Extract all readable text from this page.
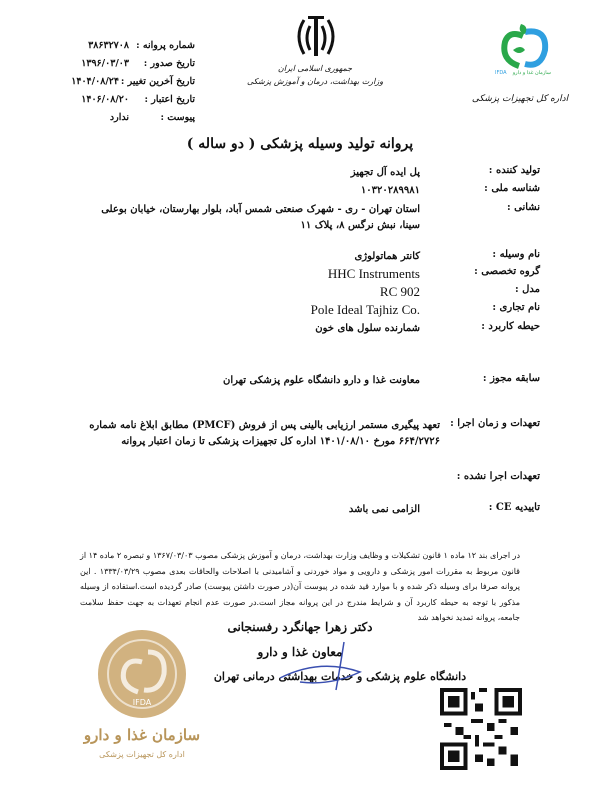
جمهوری اسلامی ایران
وزارت بهداشت، درمان و آموزش پزشکی
IFDA سازمان غذا و دارو
اداره کل تجهیزات پزشکی
شماره پروانه :
۳۸۶۳۲۷۰۸
تاریخ صدور :
۱۳۹۶/۰۳/۰۳
تاریخ آخرین تغییر :
۱۴۰۴/۰۸/۲۴
تاریخ اعتبار :
۱۴۰۶/۰۸/۲۰
پیوست :
ندارد
پروانه تولید وسیله پزشکی ( دو ساله )
تولید کننده :
پل ایده آل تجهیز
شناسه ملی :
۱۰۳۲۰۲۸۹۹۸۱
نشانی :
استان تهران - ری - شهرک صنعتی شمس آباد، بلوار بهارستان، خیابان بوعلی سینا، نبش نرگس ۸، پلاک ۱۱
نام وسیله :
کانتر هماتولوژی
گروه تخصصی :
HHC Instruments
مدل :
RC 902
نام تجاری :
Pole Ideal Tajhiz Co.
حیطه کاربرد :
شمارنده سلول های خون
سابقه مجوز :
معاونت غذا و دارو دانشگاه علوم پزشکی تهران
تعهدات و زمان اجرا :
تعهد پیگیری مستمر ارزیابی بالینی پس از فروش (PMCF) مطابق ابلاغ نامه شماره ۶۶۴/۲۷۲۶ مورخ ۱۴۰۱/۰۸/۱۰ اداره کل تجهیزات پزشکی تا زمان اعتبار پروانه
تعهدات اجرا نشده :
تاییدیه CE :
الزامی نمی باشد
در اجرای بند ۱۲ ماده ۱ قانون تشکیلات و وظایف وزارت بهداشت، درمان و آموزش پزشکی مصوب ۱۳۶۷/۰۳/۰۳ و تبصره ۲ ماده ۱۴ از قانون مربوط به مقررات امور پزشکی و دارویی و مواد خوردنی و آشامیدنی با اصلاحات والحاقات بعدی مصوب ۱۳۳۴/۰۳/۲۹ . این پروانه صرفا برای وسیله ذکر شده و با موارد قید شده در پیوست آن(در صورت داشتن پیوست) صادر گردیده است.استفاده از وسیله مذکور با توجه به حیطه کاربرد آن و شرایط مندرج در این پروانه مجاز است.در صورت عدم انجام تعهدات به جهت حفظ سلامت جامعه، پروانه تمدید نخواهد شد
IFDA
سازمان غذا و دارو
اداره کل تجهیزات پزشکی
دکتر زهرا جهانگرد رفسنجانی
معاون غذا و دارو
دانشگاه علوم پزشکی و خدمات بهداشتی درمانی تهران
